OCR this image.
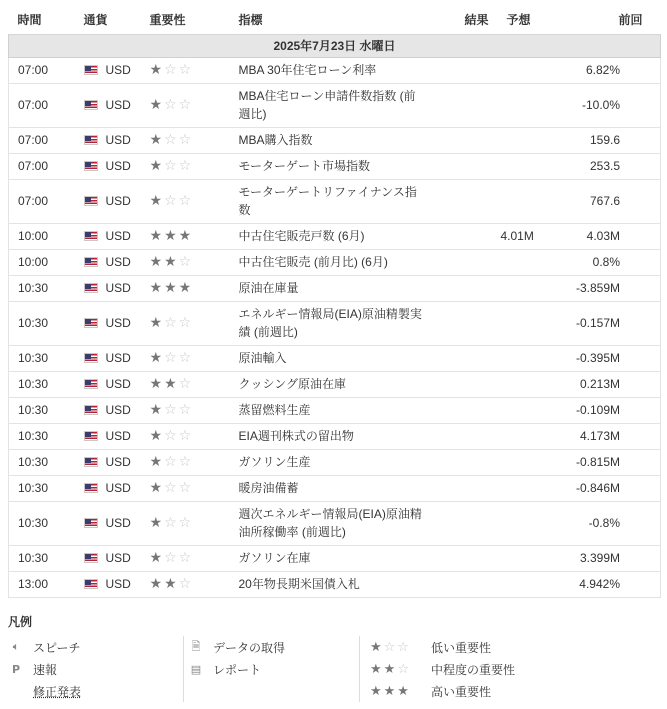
時間	通貨	重要性	指標	結果	予想	前回
2025年7月23日 水曜日						
07:00	USD	★☆☆	MBA 30年住宅ローン利率			6.82%
07:00	USD	★☆☆	MBA住宅ローン申請件数指数 (前週比)			-10.0%
07:00	USD	★☆☆	MBA購入指数			159.6
07:00	USD	★☆☆	モーターゲート市場指数			253.5
07:00	USD	★☆☆	モーターゲートリファイナンス指数			767.6
10:00	USD	★★★	中古住宅販売戸数 (6月)		4.01M	4.03M
10:00	USD	★★☆	中古住宅販売 (前月比) (6月)			0.8%
10:30	USD	★★★	原油在庫量			-3.859M
10:30	USD	★☆☆	エネルギー情報局(EIA)原油精製実績 (前週比)			-0.157M
10:30	USD	★☆☆	原油輸入			-0.395M
10:30	USD	★★☆	クッシング原油在庫			0.213M
10:30	USD	★☆☆	蒸留燃料生産			-0.109M
10:30	USD	★☆☆	EIA週刊株式の留出物			4.173M
10:30	USD	★☆☆	ガソリン生産			-0.815M
10:30	USD	★☆☆	暖房油備蓄			-0.846M
10:30	USD	★☆☆	週次エネルギー情報局(EIA)原油精油所稼働率 (前週比)			-0.8%
10:30	USD	★☆☆	ガソリン在庫			3.399M
13:00	USD	★★☆	20年物長期米国債入札			4.942%
凡例
🔈︎	スピーチ
P	速報
修正発表
🗎︎ データの取得
▤ レポート
★☆☆ 低い重要性
★★☆ 中程度の重要性
★★★ 高い重要性
